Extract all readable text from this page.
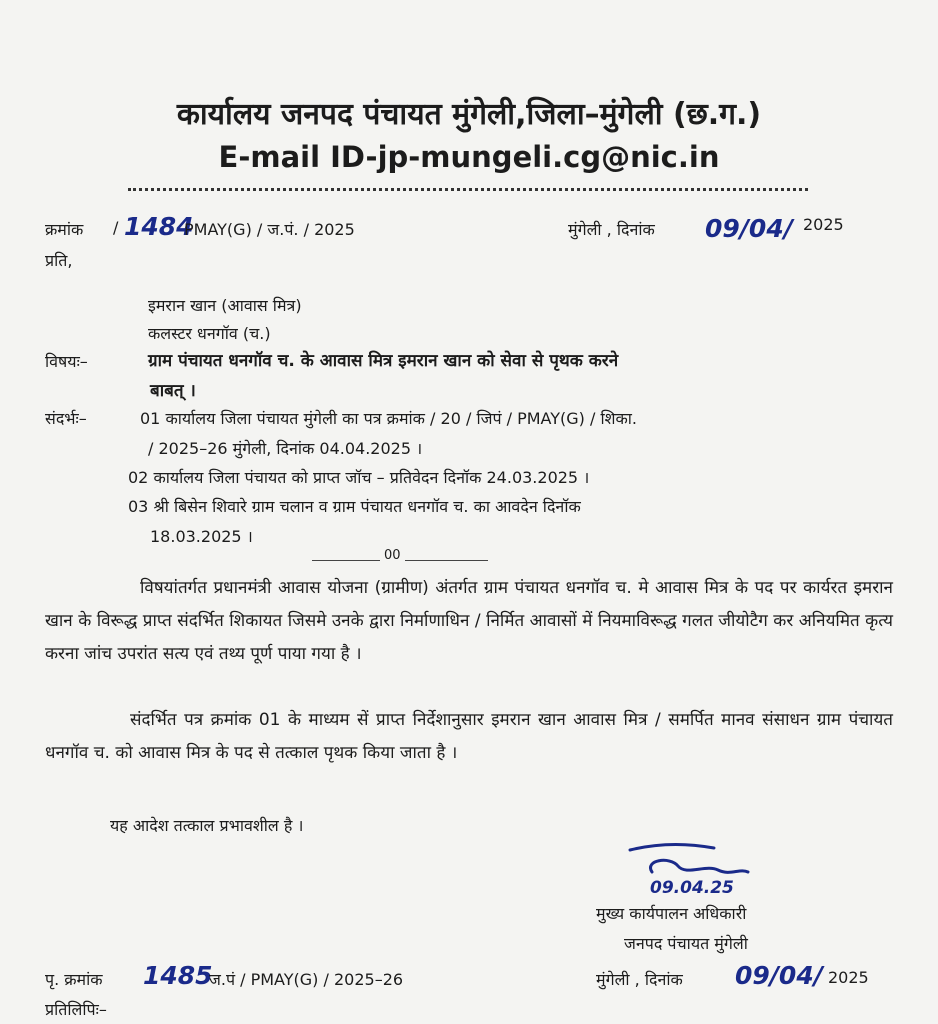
कार्यालय जनपद पंचायत मुंगेली,जिला–मुंगेली (छ.ग.)
E-mail ID-jp-mungeli.cg@nic.in
क्रमांक / 1484
PMAY(G) / ज.पं. / 2025	मुंगेली , दिनांक 09/04/ 2025
प्रति,
इमरान खान (आवास मित्र)
कलस्टर धनगॉव (च.)
विषयः–	ग्राम पंचायत धनगॉव च. के आवास मित्र इमरान खान को सेवा से पृथक करने
बाबत् ।
संदर्भः–	01 कार्यालय जिला पंचायत मुंगेली का पत्र क्रमांक / 20 / जिपं / PMAY(G) / शिका.
/ 2025–26 मुंगेली, दिनांक 04.04.2025 ।
02 कार्यालय जिला पंचायत को प्राप्त जॉच – प्रतिवेदन दिनॉक 24.03.2025 ।
03 श्री बिसेन शिवारे ग्राम चलान व ग्राम पंचायत धनगॉव च. का आवदेन दिनॉक
18.03.2025 ।
00
विषयांतर्गत प्रधानमंत्री आवास योजना (ग्रामीण) अंतर्गत ग्राम पंचायत धनगॉव च. मे आवास मित्र के पद पर कार्यरत इमरान खान के विरूद्ध प्राप्त संदर्भित शिकायत जिसमे उनके द्वारा निर्माणाधिन / निर्मित आवासों में नियमाविरूद्ध गलत जीयोटैग कर अनियमित कृत्य करना जांच उपरांत सत्य एवं तथ्य पूर्ण पाया गया है ।
संदर्भित पत्र क्रमांक 01 के माध्यम सें प्राप्त निर्देशानुसार इमरान खान आवास मित्र / समर्पित मानव संसाधन ग्राम पंचायत धनगॉव च. को आवास मित्र के पद से तत्काल पृथक किया जाता है ।
यह आदेश तत्काल प्रभावशील है ।
09.04.25
मुख्य कार्यपालन अधिकारी
जनपद पंचायत मुंगेली
पृ. क्रमांक 1485
ज.पं / PMAY(G) / 2025–26	मुंगेली , दिनांक 09/04/ 2025
प्रतिलिपिः–
